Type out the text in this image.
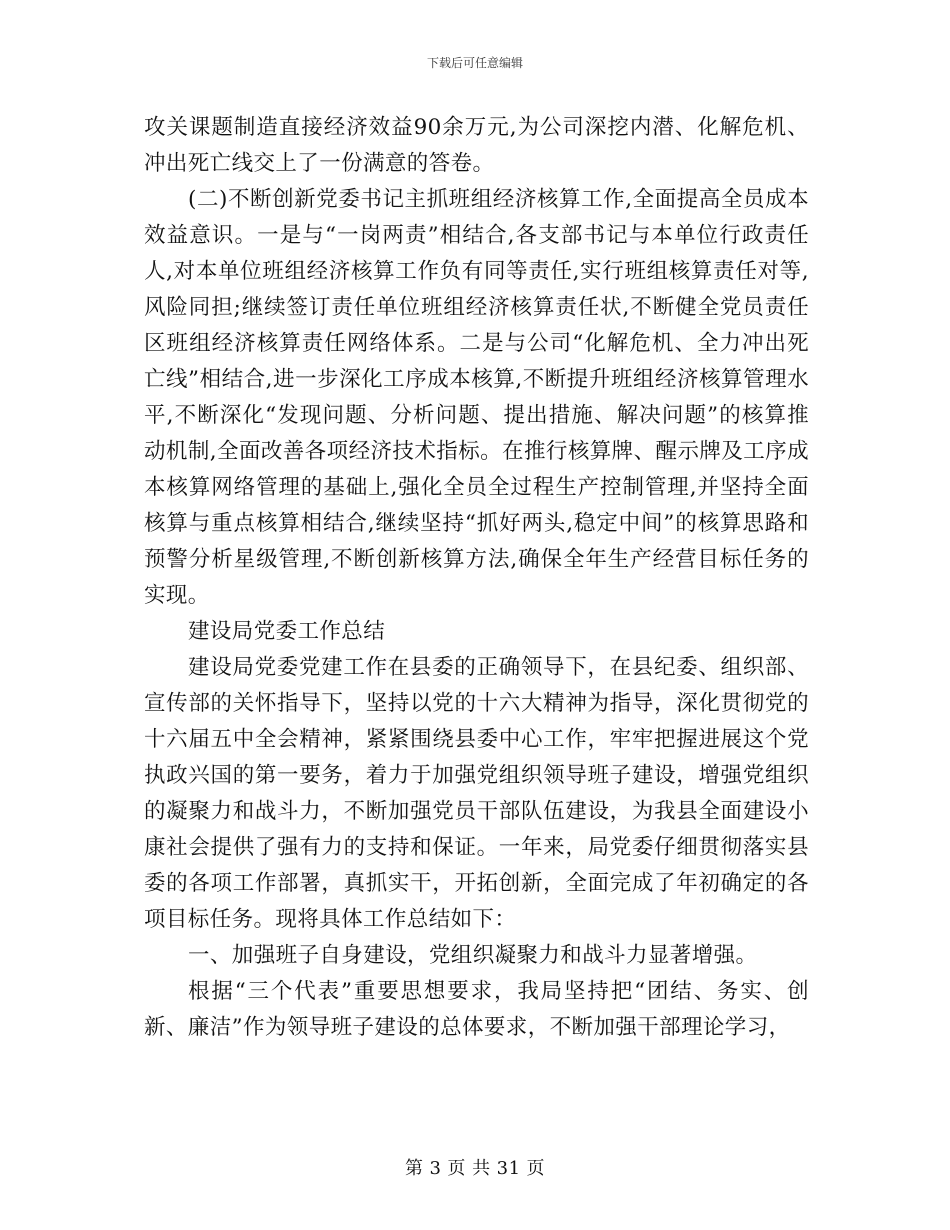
下载后可任意编辑

攻关课题制造直接经济效益90余万元,为公司深挖内潜、化解危机、冲出死亡线交上了一份满意的答卷。

(二)不断创新党委书记主抓班组经济核算工作,全面提高全员成本效益意识。一是与“一岗两责”相结合,各支部书记与本单位行政责任人,对本单位班组经济核算工作负有同等责任,实行班组核算责任对等,风险同担;继续签订责任单位班组经济核算责任状,不断健全党员责任区班组经济核算责任网络体系。二是与公司“化解危机、全力冲出死亡线”相结合,进一步深化工序成本核算,不断提升班组经济核算管理水平,不断深化“发现问题、分析问题、提出措施、解决问题”的核算推动机制,全面改善各项经济技术指标。在推行核算牌、醒示牌及工序成本核算网络管理的基础上,强化全员全过程生产控制管理,并坚持全面核算与重点核算相结合,继续坚持“抓好两头,稳定中间”的核算思路和预警分析星级管理,不断创新核算方法,确保全年生产经营目标任务的实现。

建设局党委工作总结

建设局党委党建工作在县委的正确领导下，在县纪委、组织部、宣传部的关怀指导下，坚持以党的十六大精神为指导，深化贯彻党的十六届五中全会精神，紧紧围绕县委中心工作，牢牢把握进展这个党执政兴国的第一要务，着力于加强党组织领导班子建设，增强党组织的凝聚力和战斗力，不断加强党员干部队伍建设，为我县全面建设小康社会提供了强有力的支持和保证。一年来，局党委仔细贯彻落实县委的各项工作部署，真抓实干，开拓创新，全面完成了年初确定的各项目标任务。现将具体工作总结如下：

一、加强班子自身建设，党组织凝聚力和战斗力显著增强。

根据“三个代表”重要思想要求，我局坚持把“团结、务实、创新、廉洁”作为领导班子建设的总体要求，不断加强干部理论学习，

第 3 页 共 31 页
